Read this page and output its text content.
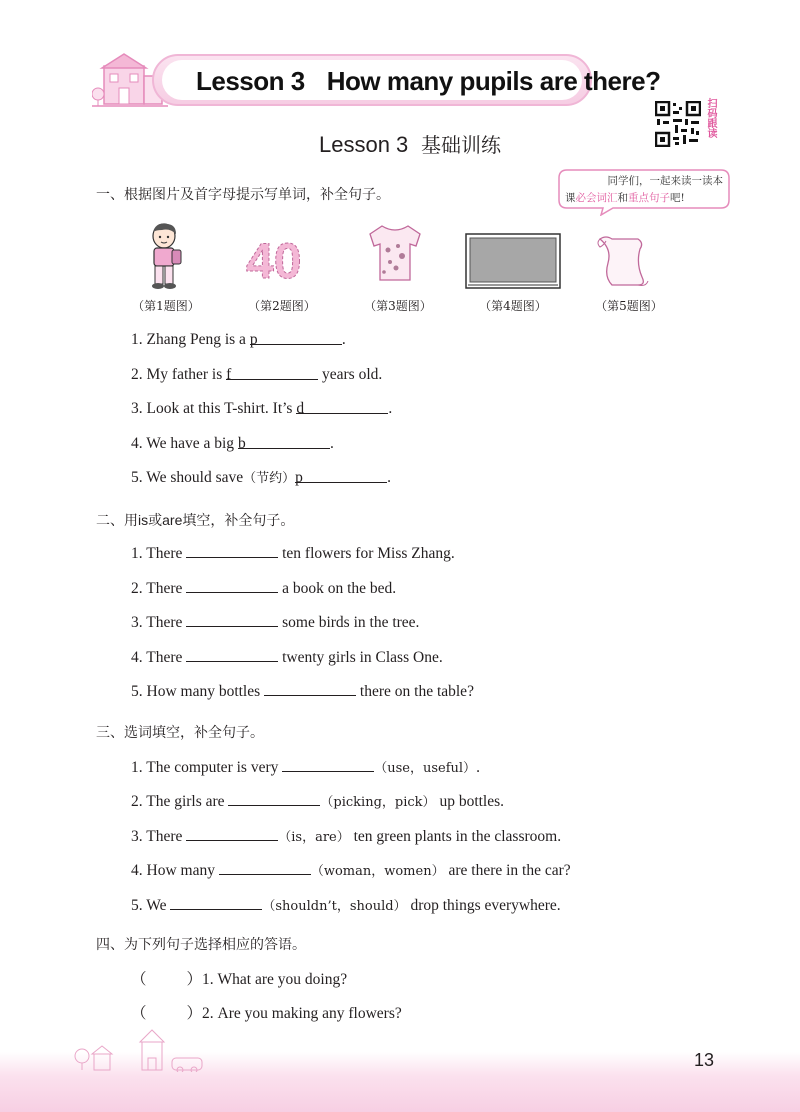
Lesson 3 How many pupils are there?
扫码跟读
Lesson 3 基础训练
同学们，一起来读一读本
课必会词汇和重点句子吧!
一、根据图片及首字母提示写单词，补全句子。
40
（第1题图）	（第2题图）	（第3题图）	（第4题图）	（第5题图）
1. Zhang Peng is a p	.
2. My father is f	years old.
3. Look at this T-shirt. It’s d	.
4. We have a big b	.
5. We should save（节约）p	.
二、用is或are填空，补全句子。
1. There	ten flowers for Miss Zhang.
2. There	a book on the bed.
3. There	some birds in the tree.
4. There	twenty girls in Class One.
5. How many bottles	there on the table?
三、选词填空，补全句子。
1. The computer is very	（use，useful）.
2. The girls are	（picking，pick） up bottles.
3. There	（is，are） ten green plants in the classroom.
4. How many	（woman，women） are there in the car?
5. We	（shouldn’t，should） drop things everywhere.
四、为下列句子选择相应的答语。
（	）1. What are you doing?
（	）2. Are you making any flowers?
13
